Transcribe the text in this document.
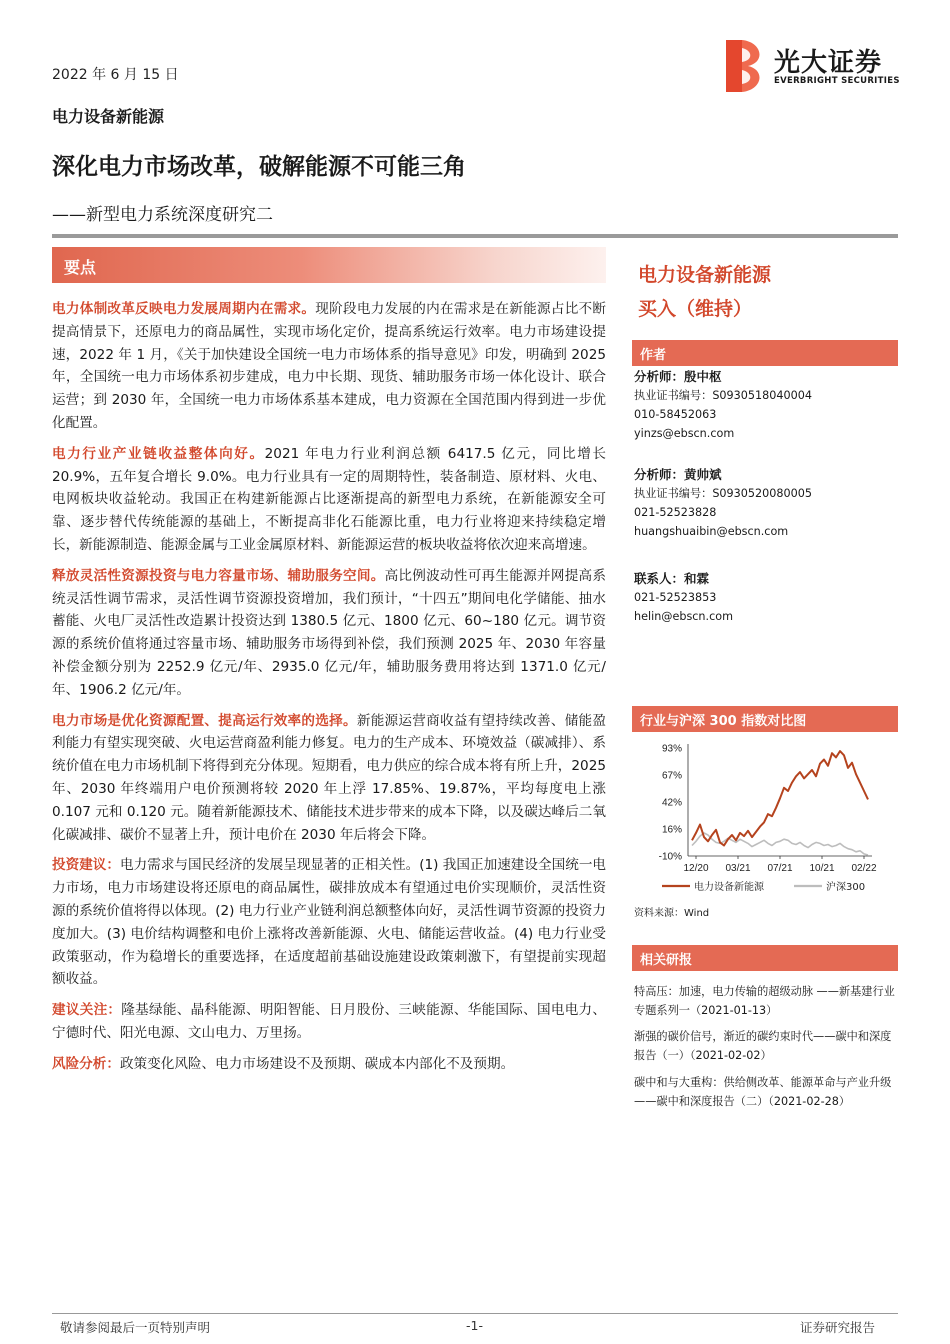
2022 年 6 月 15 日	光大证券
EVERBRIGHT SECURITIES
电力设备新能源
深化电力市场改革，破解能源不可能三角
——新型电力系统深度研究二
要点

电力体制改革反映电力发展周期内在需求。现阶段电力发展的内在需求是在新能源占比不断提高情景下，还原电力的商品属性，实现市场化定价，提高系统运行效率。电力市场建设提速，2022 年 1 月，《关于加快建设全国统一电力市场体系的指导意见》印发，明确到 2025 年，全国统一电力市场体系初步建成，电力中长期、现货、辅助服务市场一体化设计、联合运营；到 2030 年，全国统一电力市场体系基本建成，电力资源在全国范围内得到进一步优化配置。

电力行业产业链收益整体向好。2021 年电力行业利润总额 6417.5 亿元，同比增长 20.9%，五年复合增长 9.0%。电力行业具有一定的周期特性，装备制造、原材料、火电、电网板块收益轮动。我国正在构建新能源占比逐渐提高的新型电力系统，在新能源安全可靠、逐步替代传统能源的基础上，不断提高非化石能源比重，电力行业将迎来持续稳定增长，新能源制造、能源金属与工业金属原材料、新能源运营的板块收益将依次迎来高增速。

释放灵活性资源投资与电力容量市场、辅助服务空间。高比例波动性可再生能源并网提高系统灵活性调节需求，灵活性调节资源投资增加，我们预计，“十四五”期间电化学储能、抽水蓄能、火电厂灵活性改造累计投资达到 1380.5 亿元、1800 亿元、60~180 亿元。调节资源的系统价值将通过容量市场、辅助服务市场得到补偿，我们预测 2025 年、2030 年容量补偿金额分别为 2252.9 亿元/年、2935.0 亿元/年，辅助服务费用将达到 1371.0 亿元/年、1906.2 亿元/年。

电力市场是优化资源配置、提高运行效率的选择。新能源运营商收益有望持续改善、储能盈利能力有望实现突破、火电运营商盈利能力修复。电力的生产成本、环境效益（碳减排）、系统价值在电力市场机制下将得到充分体现。短期看，电力供应的综合成本将有所上升，2025 年、2030 年终端用户电价预测将较 2020 年上浮 17.85%、19.87%，平均每度电上涨 0.107 元和 0.120 元。随着新能源技术、储能技术进步带来的成本下降，以及碳达峰后二氧化碳减排、碳价不显著上升，预计电价在 2030 年后将会下降。

投资建议：电力需求与国民经济的发展呈现显著的正相关性。(1) 我国正加速建设全国统一电力市场，电力市场建设将还原电的商品属性，碳排放成本有望通过电价实现顺价，灵活性资源的系统价值将得以体现。(2) 电力行业产业链利润总额整体向好，灵活性调节资源的投资力度加大。(3) 电价结构调整和电价上涨将改善新能源、火电、储能运营收益。(4) 电力行业受政策驱动，作为稳增长的重要选择，在适度超前基础设施建设政策刺激下，有望提前实现超额收益。

建议关注：隆基绿能、晶科能源、明阳智能、日月股份、三峡能源、华能国际、国电电力、宁德时代、阳光电源、文山电力、万里扬。

风险分析：政策变化风险、电力市场建设不及预期、碳成本内部化不及预期。

电力设备新能源
买入（维持）
作者
分析师：殷中枢
执业证书编号：S0930518040004
010-58452063
yinzs@ebscn.com
分析师：黄帅斌
执业证书编号：S0930520080005
021-52523828
huangshuaibin@ebscn.com
联系人：和霖
021-52523853
helin@ebscn.com
行业与沪深 300 指数对比图
93%
67%
42%
16%
-10%
12/20 03/21 07/21 10/21 02/22
电力设备新能源	沪深300
资料来源：Wind
相关研报
特高压：加速，电力传输的超级动脉 ——新基建行业专题系列一（2021-01-13）
渐强的碳价信号，渐近的碳约束时代——碳中和深度报告（一）（2021-02-02）
碳中和与大重构：供给侧改革、能源革命与产业升级——碳中和深度报告（二）（2021-02-28）
敬请参阅最后一页特别声明	-1-	证券研究报告
